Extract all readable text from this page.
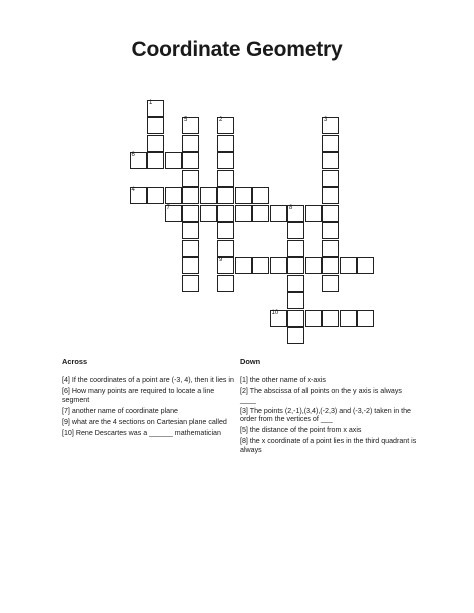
Coordinate Geometry
1
4
2
9
3
6
5
7	8
10
Across
[4] If the coordinates of a point are (-3, 4), then it lies in
[6] How many points are required to locate a line segment
[7] another name of coordinate plane
[9] what are the 4 sections on Cartesian plane called
[10] Rene Descartes was a ______ mathematician
Down
[1] the other name of x-axis
[2] The abscissa of all points on the y axis is always ____
[3] The points (2,-1),(3,4),(-2,3) and (-3,-2) taken in the order from the vertices of ___
[5] the distance of the point from x axis
[8] the x coordinate of a point lies in the third quadrant is always
